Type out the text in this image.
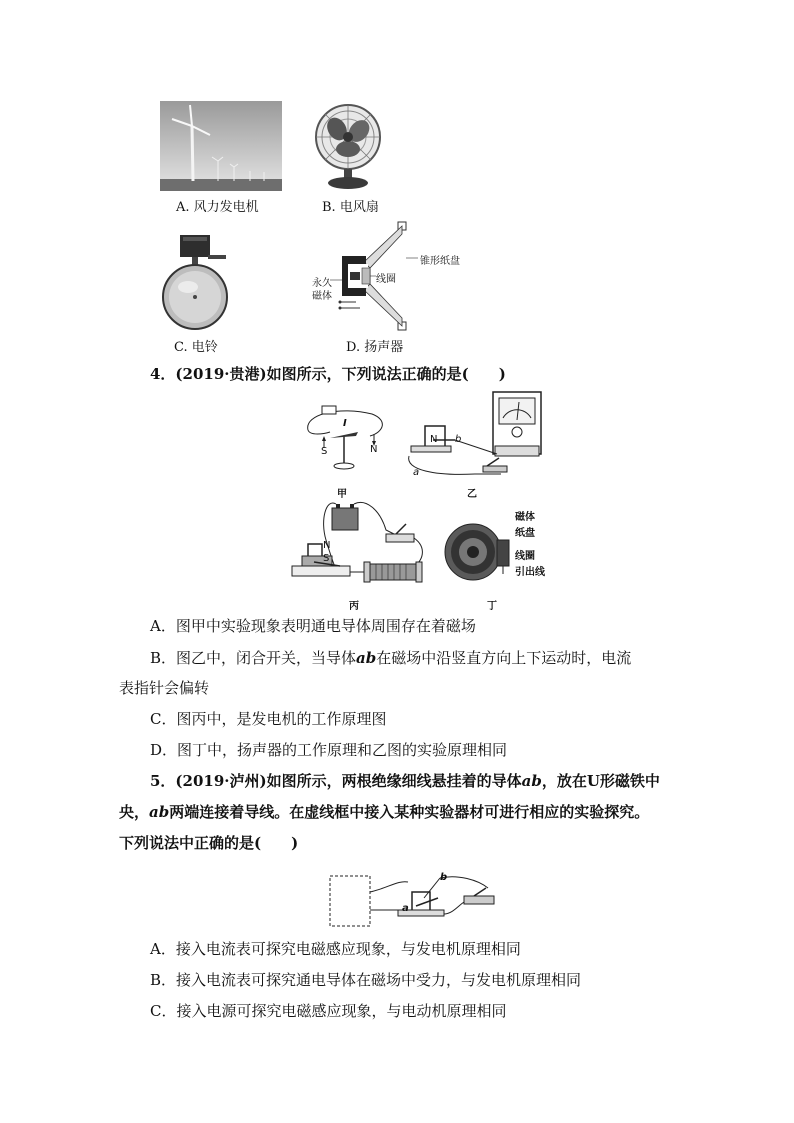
A. 风力发电机	B. 电风扇
C. 电铃
锥形纸盘
线圈
永久
磁体
D. 扬声器
4．(2019·贵港)如图所示，下列说法正确的是(　　)
I
S	N
甲
N b
a
乙
N
S
丙
磁体
纸盘
线圈
引出线
丁
A．图甲中实验现象表明通电导体周围存在着磁场
B．图乙中，闭合开关，当导体ab在磁场中沿竖直方向上下运动时，电流
表指针会偏转
C．图丙中，是发电机的工作原理图
D．图丁中，扬声器的工作原理和乙图的实验原理相同
5．(2019·泸州)如图所示，两根绝缘细线悬挂着的导体ab，放在U形磁铁中
央，ab两端连接着导线。在虚线框中接入某种实验器材可进行相应的实验探究。
下列说法中正确的是(　　)
b
a
A．接入电流表可探究电磁感应现象，与发电机原理相同
B．接入电流表可探究通电导体在磁场中受力，与发电机原理相同
C．接入电源可探究电磁感应现象，与电动机原理相同
